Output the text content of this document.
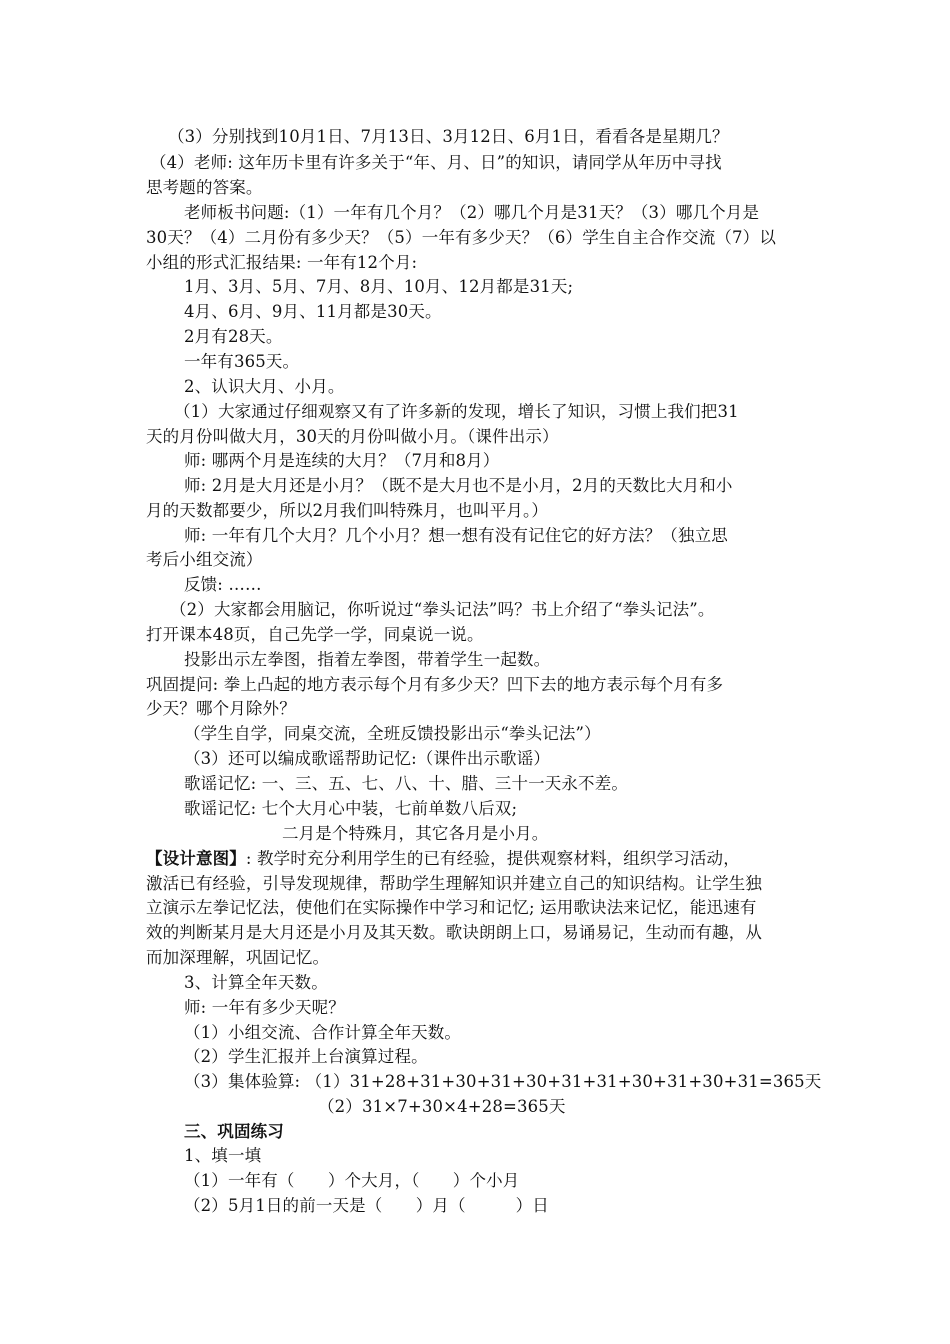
（3）分别找到10月1日、7月13日、3月12日、6月1日，看看各是星期几？
（4）老师: 这年历卡里有许多关于“年、月、日”的知识，请同学从年历中寻找
思考题的答案。
老师板书问题:（1）一年有几个月？（2）哪几个月是31天？（3）哪几个月是
30天？（4）二月份有多少天？（5）一年有多少天？（6）学生自主合作交流（7）以
小组的形式汇报结果: 一年有12个月:
1月、3月、5月、7月、8月、10月、12月都是31天;
4月、6月、9月、11月都是30天。
2月有28天。
一年有365天。
2、认识大月、小月。
（1）大家通过仔细观察又有了许多新的发现，增长了知识，习惯上我们把31
天的月份叫做大月，30天的月份叫做小月。（课件出示）
师: 哪两个月是连续的大月？（7月和8月）
师: 2月是大月还是小月？（既不是大月也不是小月，2月的天数比大月和小
月的天数都要少，所以2月我们叫特殊月，也叫平月。）
师: 一年有几个大月？几个小月？想一想有没有记住它的好方法？（独立思
考后小组交流）
反馈: ……
（2）大家都会用脑记，你听说过“拳头记法”吗？书上介绍了“拳头记法”。
打开课本48页，自己先学一学，同桌说一说。
投影出示左拳图，指着左拳图，带着学生一起数。
巩固提问: 拳上凸起的地方表示每个月有多少天？凹下去的地方表示每个月有多
少天？哪个月除外？
（学生自学，同桌交流，全班反馈投影出示“拳头记法”）
（3）还可以编成歌谣帮助记忆:（课件出示歌谣）
歌谣记忆: 一、三、五、七、八、十、腊、三十一天永不差。
歌谣记忆: 七个大月心中装，七前单数八后双;
二月是个特殊月，其它各月是小月。
【设计意图】: 教学时充分利用学生的已有经验，提供观察材料，组织学习活动，
激活已有经验，引导发现规律，帮助学生理解知识并建立自己的知识结构。让学生独
立演示左拳记忆法，使他们在实际操作中学习和记忆; 运用歌诀法来记忆，能迅速有
效的判断某月是大月还是小月及其天数。歌诀朗朗上口，易诵易记，生动而有趣，从
而加深理解，巩固记忆。
3、计算全年天数。
师: 一年有多少天呢？
（1）小组交流、合作计算全年天数。
（2）学生汇报并上台演算过程。
（3）集体验算: （1）31+28+31+30+31+30+31+31+30+31+30+31=365天
（2）31×7+30×4+28=365天
三、巩固练习
1、填一填
（1）一年有（　　）个大月，（　　）个小月
（2）5月1日的前一天是（　　）月（　　　）日
